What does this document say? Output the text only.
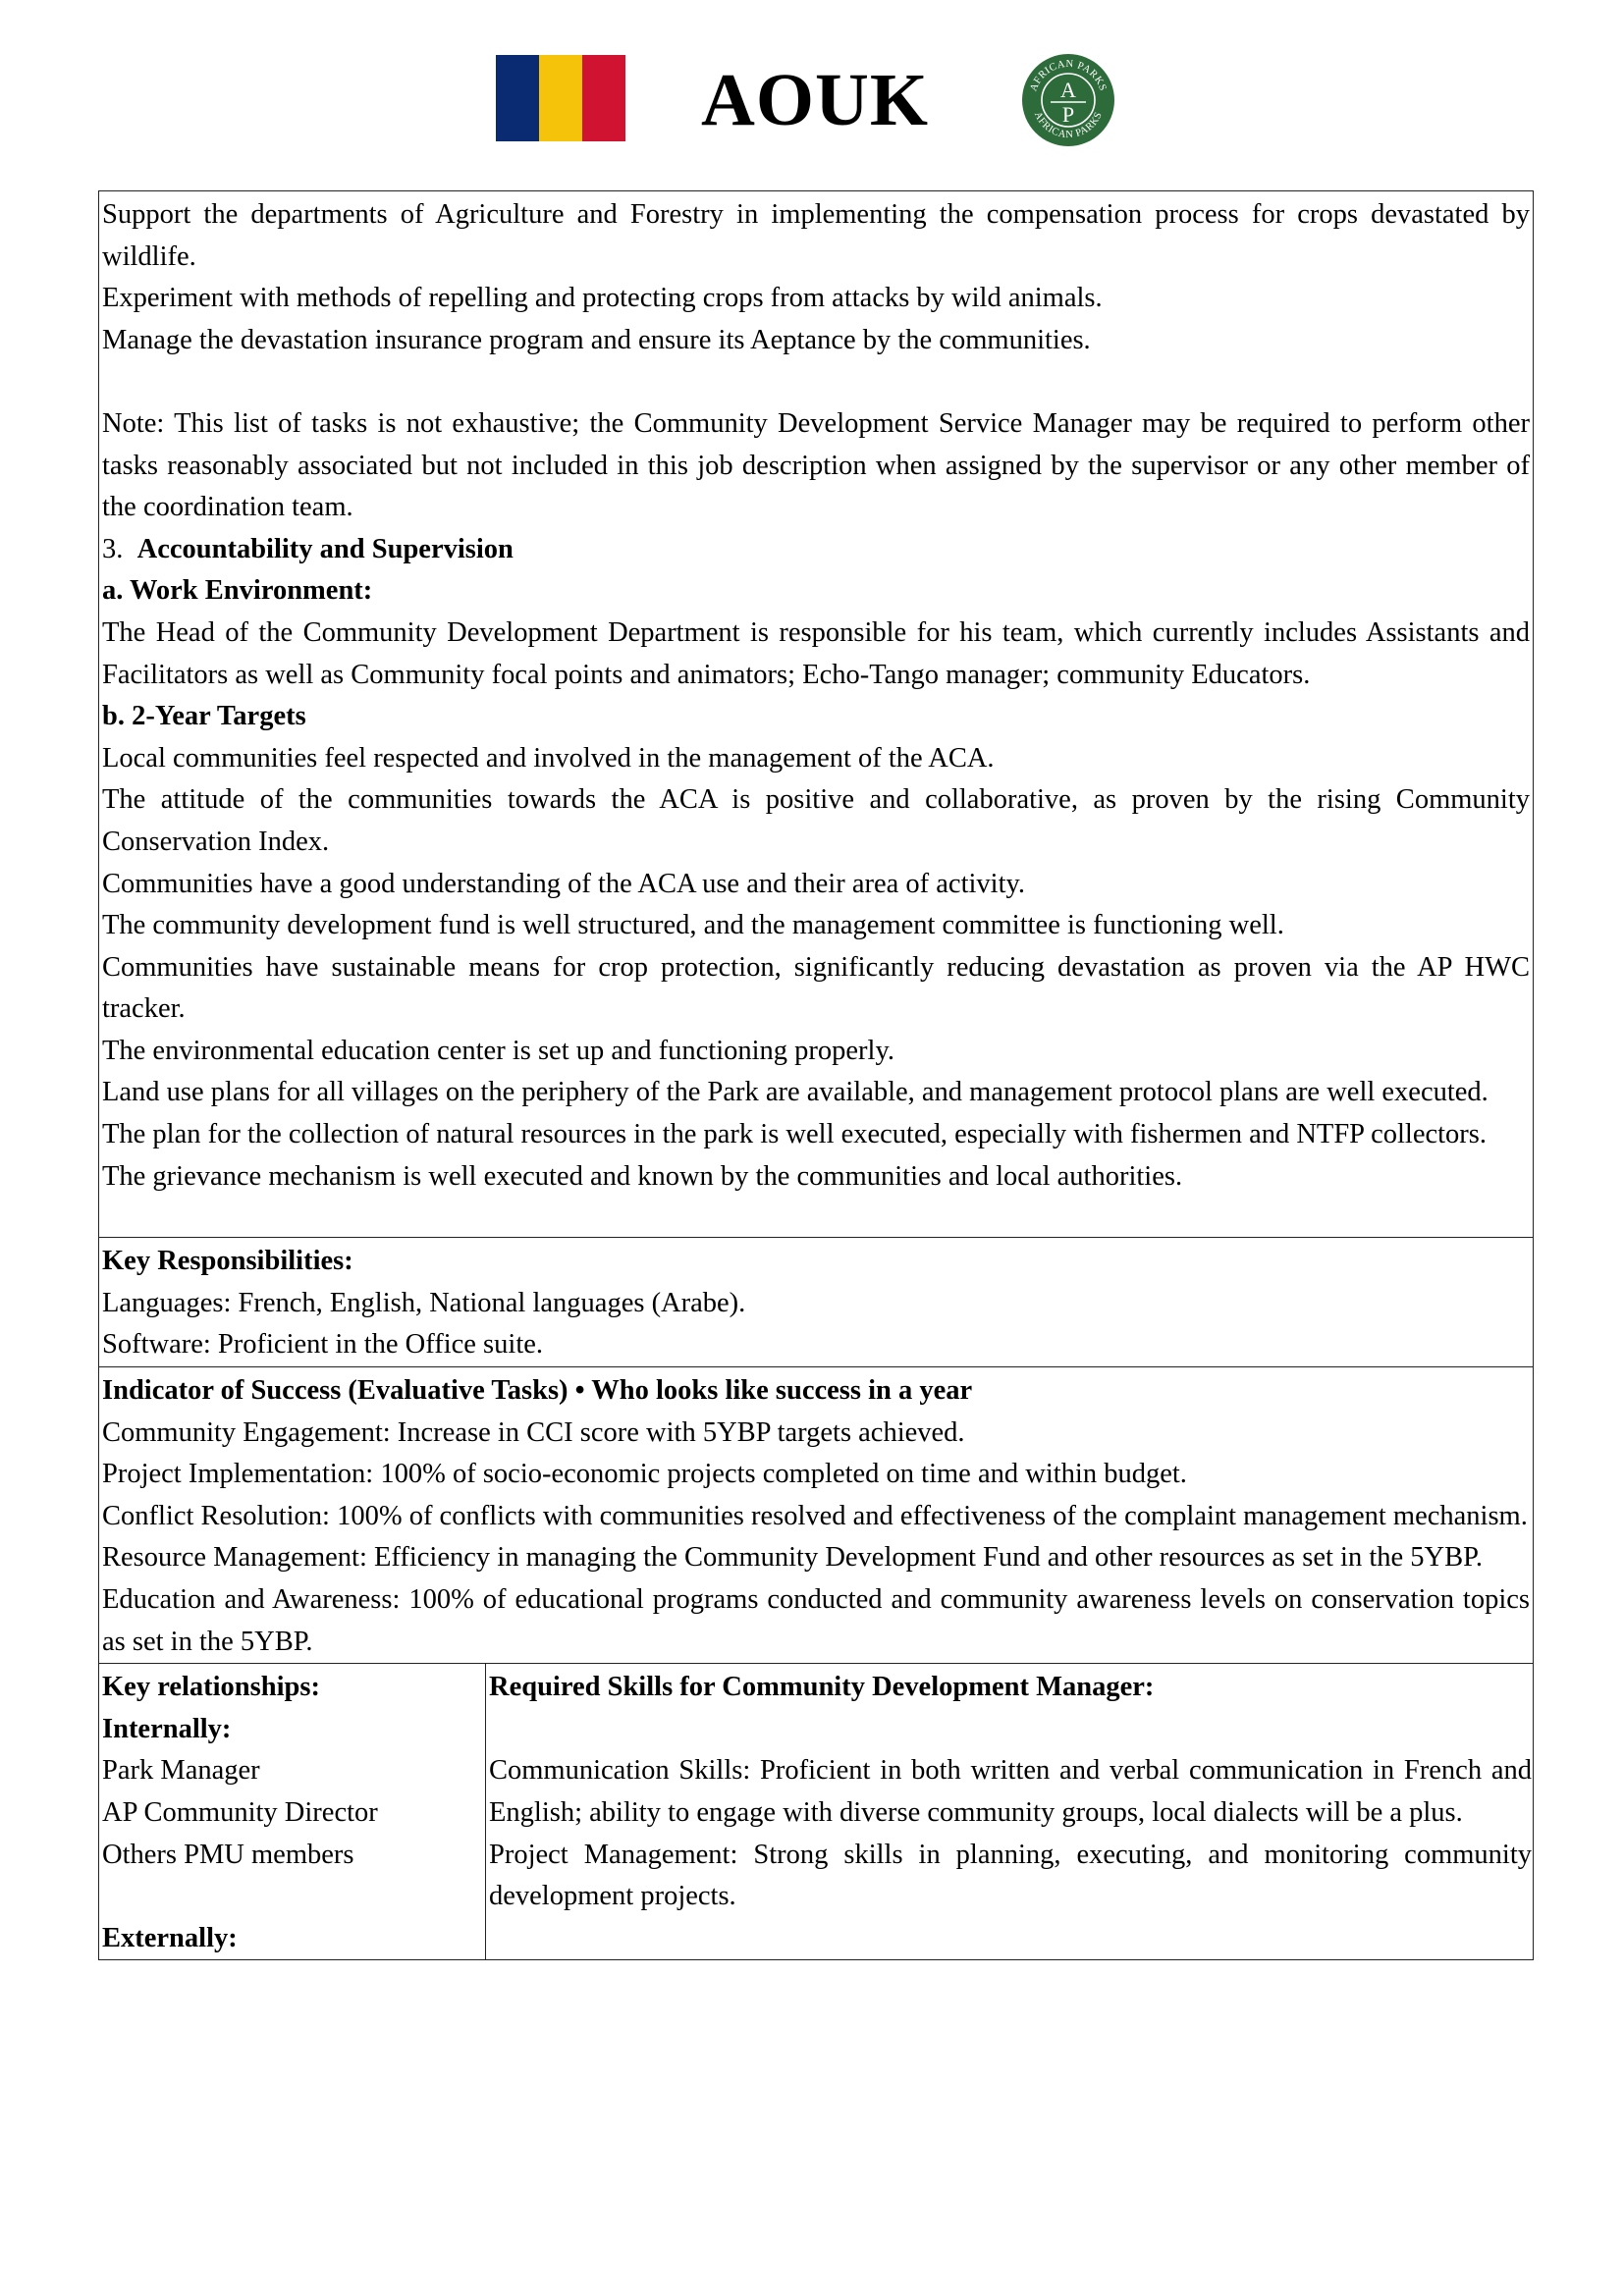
AOUK	AFRICAN PARKS
AFRICAN PARKS
A
P

Support the departments of Agriculture and Forestry in implementing the compensation process for crops devastated by wildlife.

Experiment with methods of repelling and protecting crops from attacks by wild animals.

Manage the devastation insurance program and ensure its Aeptance by the communities.

Note: This list of tasks is not exhaustive; the Community Development Service Manager may be required to perform other tasks reasonably associated but not included in this job description when assigned by the supervisor or any other member of the coordination team.

3. Accountability and Supervision

a. Work Environment:

The Head of the Community Development Department is responsible for his team, which currently includes Assistants and Facilitators as well as Community focal points and animators; Echo-Tango manager; community Educators.

b. 2-Year Targets

Local communities feel respected and involved in the management of the ACA.

The attitude of the communities towards the ACA is positive and collaborative, as proven by the rising Community Conservation Index.

Communities have a good understanding of the ACA use and their area of activity.

The community development fund is well structured, and the management committee is functioning well.

Communities have sustainable means for crop protection, significantly reducing devastation as proven via the AP HWC tracker.

The environmental education center is set up and functioning properly.

Land use plans for all villages on the periphery of the Park are available, and management protocol plans are well executed.

The plan for the collection of natural resources in the park is well executed, especially with fishermen and NTFP collectors.

The grievance mechanism is well executed and known by the communities and local authorities.

Key Responsibilities:

Languages: French, English, National languages (Arabe).

Software: Proficient in the Office suite.

Indicator of Success (Evaluative Tasks) • Who looks like success in a year

Community Engagement: Increase in CCI score with 5YBP targets achieved.

Project Implementation: 100% of socio-economic projects completed on time and within budget.

Conflict Resolution: 100% of conflicts with communities resolved and effectiveness of the complaint management mechanism.

Resource Management: Efficiency in managing the Community Development Fund and other resources as set in the 5YBP.

Education and Awareness: 100% of educational programs conducted and community awareness levels on conservation topics as set in the 5YBP.

Key relationships:

Internally:

Park Manager

AP Community Director

Others PMU members

Externally:

Required Skills for Community Development Manager:

Communication Skills: Proficient in both written and verbal communication in French and English; ability to engage with diverse community groups, local dialects will be a plus.

Project Management: Strong skills in planning, executing, and monitoring community development projects.
